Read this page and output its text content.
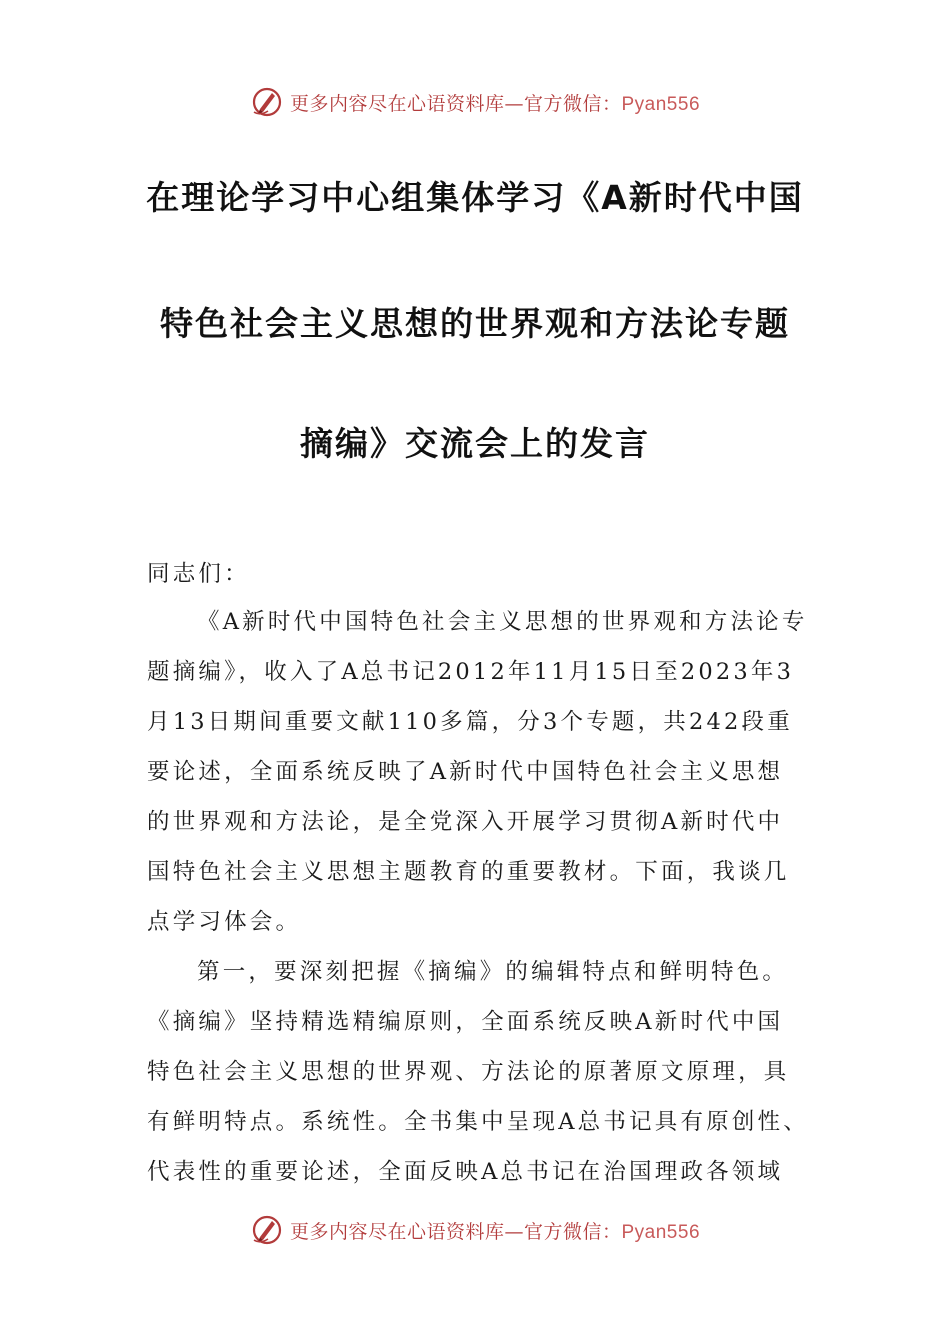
更多内容尽在心语资料库—官方微信：Pyan556
在理论学习中心组集体学习《A新时代中国
特色社会主义思想的世界观和方法论专题
摘编》交流会上的发言
同志们：
《A新时代中国特色社会主义思想的世界观和方法论专
题摘编》，收入了A总书记2012年11月15日至2023年3
月13日期间重要文献110多篇，分3个专题，共242段重
要论述，全面系统反映了A新时代中国特色社会主义思想
的世界观和方法论，是全党深入开展学习贯彻A新时代中
国特色社会主义思想主题教育的重要教材。下面，我谈几
点学习体会。
第一，要深刻把握《摘编》的编辑特点和鲜明特色。
《摘编》坚持精选精编原则，全面系统反映A新时代中国
特色社会主义思想的世界观、方法论的原著原文原理，具
有鲜明特点。系统性。全书集中呈现A总书记具有原创性、
代表性的重要论述，全面反映A总书记在治国理政各领域
更多内容尽在心语资料库—官方微信：Pyan556
